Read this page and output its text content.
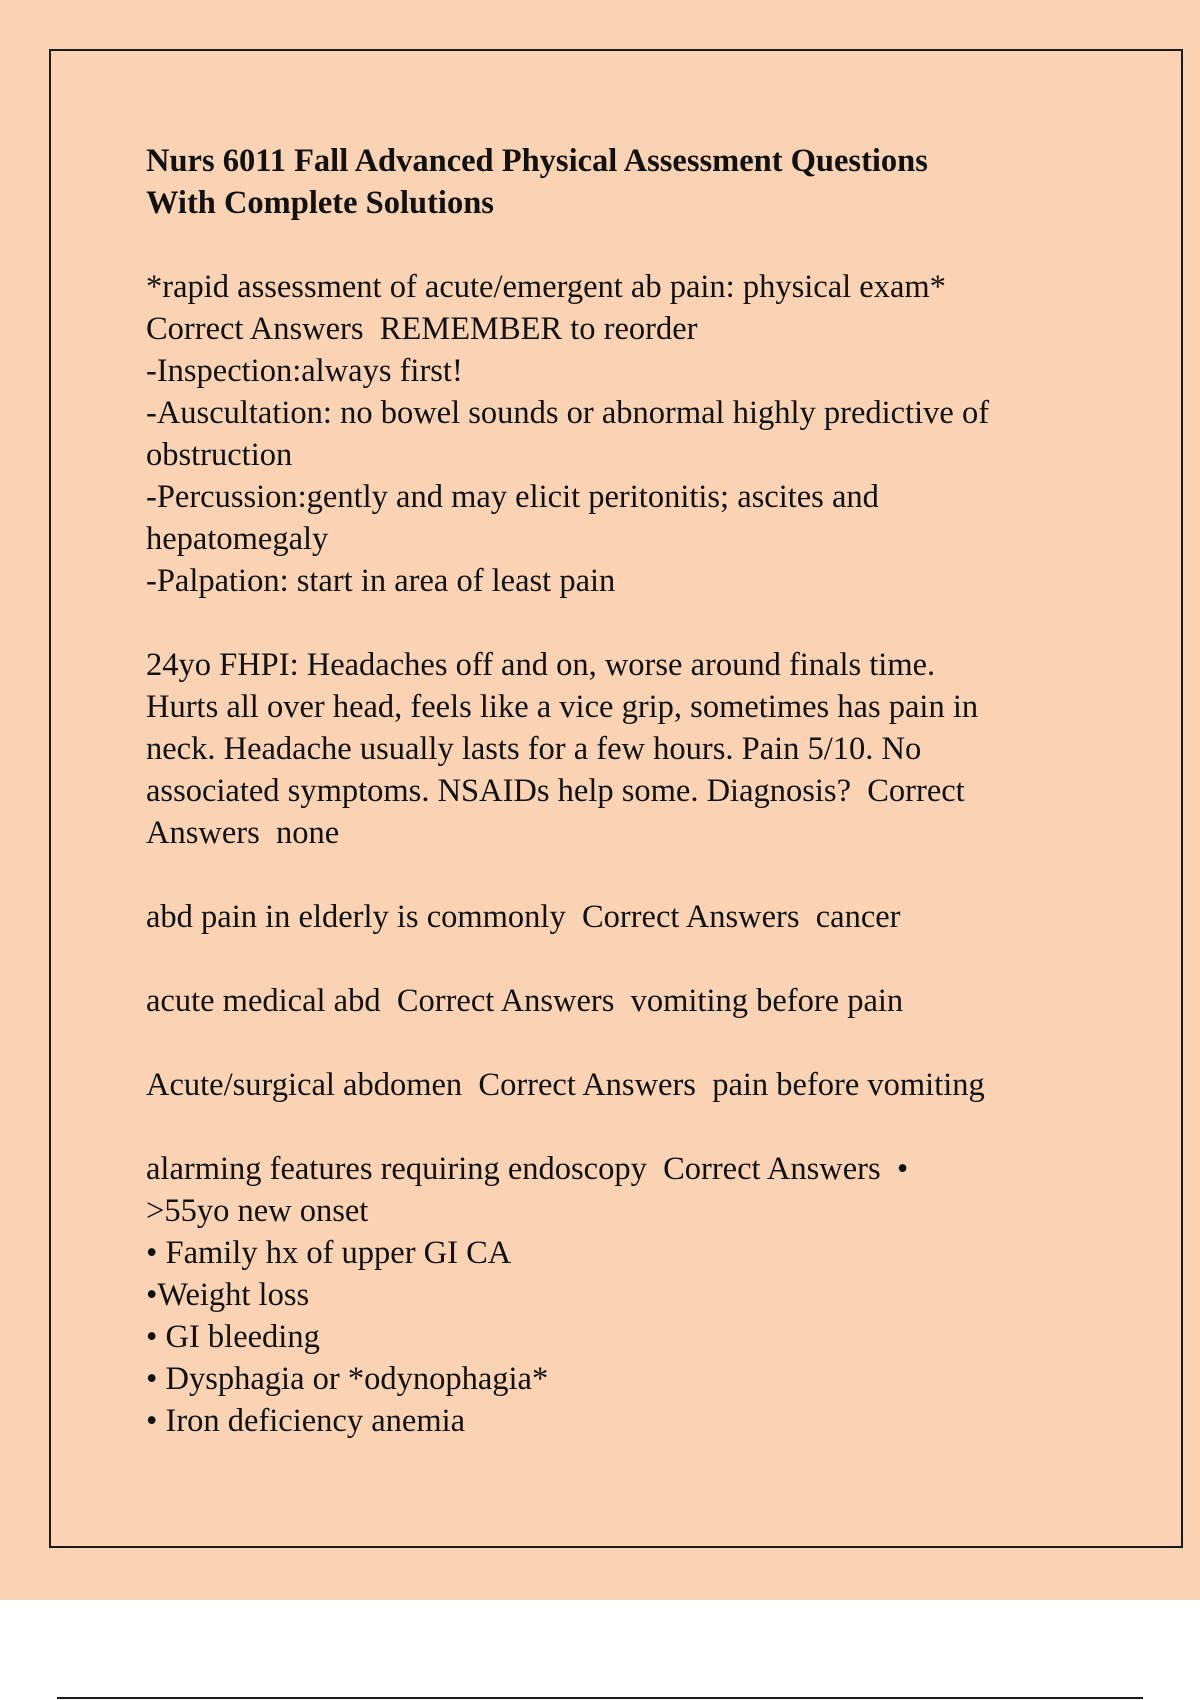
Nurs 6011 Fall Advanced Physical Assessment Questions
With Complete Solutions
*rapid assessment of acute/emergent ab pain: physical exam*
Correct Answers  REMEMBER to reorder
-Inspection:always first!
-Auscultation: no bowel sounds or abnormal highly predictive of
obstruction
-Percussion:gently and may elicit peritonitis; ascites and
hepatomegaly
-Palpation: start in area of least pain
24yo FHPI: Headaches off and on, worse around finals time.
Hurts all over head, feels like a vice grip, sometimes has pain in
neck. Headache usually lasts for a few hours. Pain 5/10. No
associated symptoms. NSAIDs help some. Diagnosis?  Correct
Answers  none
abd pain in elderly is commonly  Correct Answers  cancer
acute medical abd  Correct Answers  vomiting before pain
Acute/surgical abdomen  Correct Answers  pain before vomiting
alarming features requiring endoscopy  Correct Answers  •
>55yo new onset
• Family hx of upper GI CA
•Weight loss
• GI bleeding
• Dysphagia or *odynophagia*
• Iron deficiency anemia
